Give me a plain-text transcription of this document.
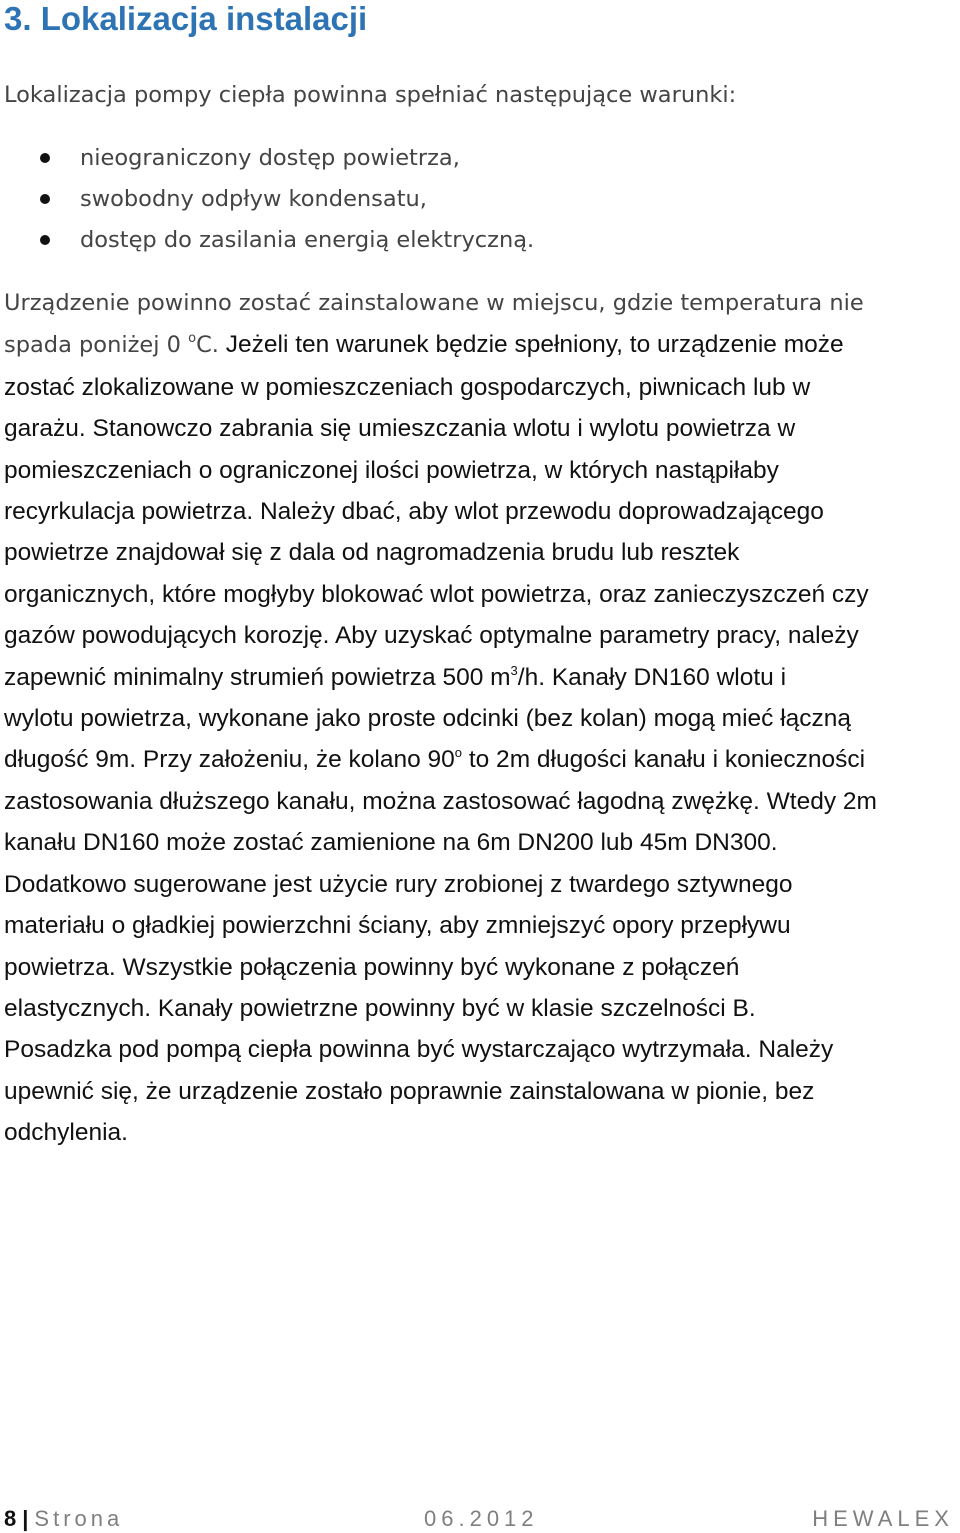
3. Lokalizacja instalacji

Lokalizacja pompy ciepła powinna spełniać następujące warunki:

nieograniczony dostęp powietrza,
swobodny odpływ kondensatu,
dostęp do zasilania energią elektryczną.
Urządzenie powinno zostać zainstalowane w miejscu, gdzie temperatura nie
spada poniżej 0 $^o$C. Jeżeli ten warunek będzie spełniony, to urządzenie może
zostać zlokalizowane w pomieszczeniach gospodarczych, piwnicach lub w
garażu. Stanowczo zabrania się umieszczania wlotu i wylotu powietrza w
pomieszczeniach o ograniczonej ilości powietrza, w których nastąpiłaby
recyrkulacja powietrza. Należy dbać, aby wlot przewodu doprowadzającego
powietrze znajdował się z dala od nagromadzenia brudu lub resztek
organicznych, które mogłyby blokować wlot powietrza, oraz zanieczyszczeń czy
gazów powodujących korozję. Aby uzyskać optymalne parametry pracy, należy
zapewnić minimalny strumień powietrza 500 $m^3/h$. Kanały DN160 wlotu i
wylotu powietrza, wykonane jako proste odcinki (bez kolan) mogą mieć łączną
długość 9m. Przy założeniu, że kolano 90$^o$ to 2m długości kanału i konieczności
zastosowania dłuższego kanału, można zastosować łagodną zwężkę. Wtedy 2m
kanału DN160 może zostać zamienione na 6m DN200 lub 45m DN300.
Dodatkowo sugerowane jest użycie rury zrobionej z twardego sztywnego
materiału o gładkiej powierzchni ściany, aby zmniejszyć opory przepływu
powietrza. Wszystkie połączenia powinny być wykonane z połączeń
elastycznych. Kanały powietrzne powinny być w klasie szczelności B.
Posadzka pod pompą ciepła powinna być wystarczająco wytrzymała. Należy
upewnić się, że urządzenie zostało poprawnie zainstalowana w pionie, bez
odchylenia.
8 | Strona	06.2012	HEWALEX
